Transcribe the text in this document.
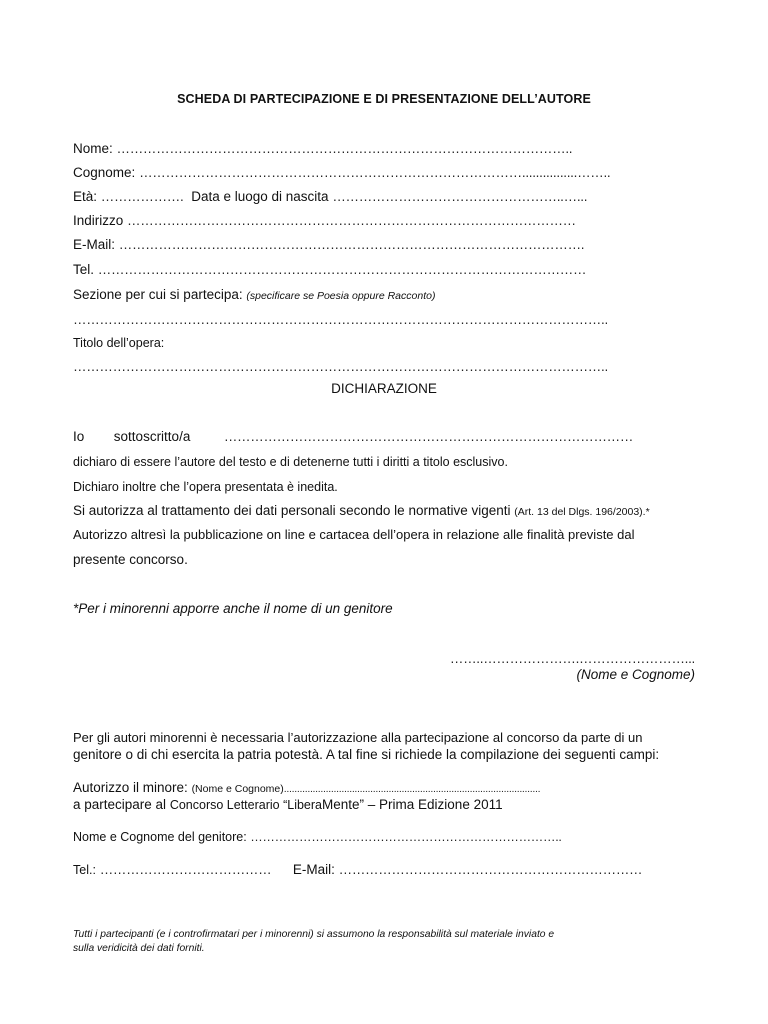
SCHEDA DI PARTECIPAZIONE E DI PRESENTAZIONE DELL’AUTORE
Nome: …………………………………………………………………………………………..
Cognome: ……………………………………………………………………………................……..
Età: ………………. Data e luogo di nascita ……………………………………………..…...
Indirizzo …………………………………………………………………………………………
E-Mail: …………………………………………………………………………………………….
Tel. …………………………………………………………………………………………………
Sezione per cui si partecipa: (specificare se Poesia oppure Racconto)
…………………………………………………………………………………………………………..
Titolo dell’opera:
…………………………………………………………………………………………………………..
DICHIARAZIONE
Io sottoscritto/a …………………………………………………………………………………
dichiaro di essere l’autore del testo e di detenerne tutti i diritti a titolo esclusivo.
Dichiaro inoltre che l’opera presentata è inedita.
Si autorizza al trattamento dei dati personali secondo le normative vigenti (Art. 13 del Dlgs. 196/2003).*
Autorizzo altresì la pubblicazione on line e cartacea dell’opera in relazione alle finalità previste dal
presente concorso.
*Per i minorenni apporre anche il nome di un genitore
……..………………….……………………...
(Nome e Cognome)
Per gli autori minorenni è necessaria l’autorizzazione alla partecipazione al concorso da parte di un
genitore o di chi esercita la patria potestà. A tal fine si richiede la compilazione dei seguenti campi:
Autorizzo il minore: (Nome e Cognome)..................................................................................................
a partecipare al Concorso Letterario “LiberaMente” – Prima Edizione 2011
Nome e Cognome del genitore: …………………………………………………………………..
Tel.: ………………………………… E-Mail: ……………………………………………………………
Tutti i partecipanti (e i controfirmatari per i minorenni) si assumono la responsabilità sul materiale inviato e
sulla veridicità dei dati forniti.
